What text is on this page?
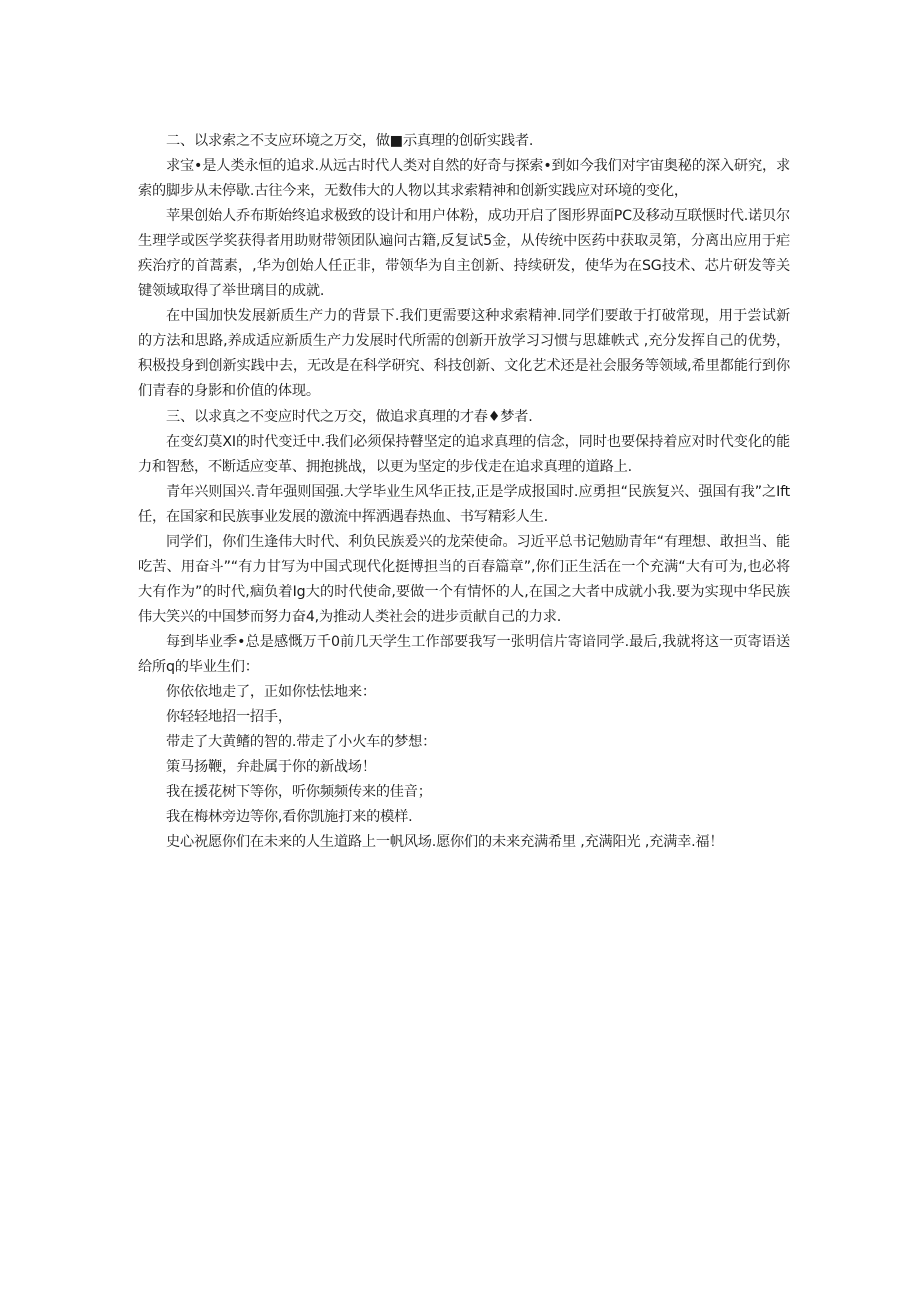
二、以求索之不支应环境之万交，做■示真理的创斫实践者.

求宝•是人类永恒的追求.从远古时代人类对自然的好奇与探索•到如今我们对宇宙奥秘的深入研究，求索的脚步从未停歇.古往今来，无数伟大的人物以其求索精神和创新实践应对环境的变化，

苹果创始人乔布斯始终追求极致的设计和用户体粉，成功开启了图形界面PC及移动互联惬时代.诺贝尔生理学或医学奖获得者用助财带领团队遍问古籍,反复试5金，从传统中医药中获取灵第，分离出应用于疟疾治疗的首蒿素，,华为创始人任正非，带领华为自主创新、持续研发，使华为在SG技术、芯片研发等关键领域取得了举世璃目的成就.

在中国加快发展新质生产力的背景下.我们更需要这种求索精神.同学们要敢于打破常现，用于尝试新的方法和思路,养成适应新质生产力发展时代所需的创新开放学习习惯与思雄帙式 ,充分发挥自己的优势，积极投身到创新实践中去，无改是在科学研究、科技创新、文化艺术还是社会服务等领域,希里都能行到你们青春的身影和价值的体现。

三、以求真之不变应时代之万交，做追求真理的才春♦梦者.

在变幻莫XI的时代变迁中.我们必须保持瞽坚定的追求真理的信念，同时也要保持着应对时代变化的能力和智愁，不断适应变革、拥抱挑战，以更为坚定的步伐走在追求真理的道路上.

青年兴则国兴.青年强则国强.大学毕业生风华正技,正是学成报国时.应勇担“民族复兴、强国有我”之Ift任，在国家和民族事业发展的激流中挥洒遇春热血、书写精彩人生.

同学们，你们生逢伟大时代、利负民族爰兴的龙荣使命。习近平总书记勉励青年“有理想、敢担当、能吃苦、用奋斗”“有力甘写为中国式现代化挺博担当的百春篇章”,你们正生活在一个充满“大有可为,也必将大有作为”的时代,痼负着Ig大的时代使命,要做一个有情怀的人,在国之大者中成就小我.要为实现中华民族伟大笑兴的中国梦而努力奋4,为推动人类社会的进步贡献自己的力求.

每到毕业季•总是感慨万千0前几天学生工作部要我写一张明信片寄谙同学.最后,我就将这一页寄语送给所q的毕业生们：

你依依地走了，正如你怯怯地来：

你轻轻地招一招手，

带走了大黄鳍的智的.带走了小火车的梦想：

策马扬鞭，弁赴属于你的新战场！

我在援花树下等你，听你频频传来的佳音；

我在梅林旁边等你,看你凯施打来的模样.

史心祝愿你们在未来的人生道路上一帆风场.愿你们的未来充满希里 ,充满阳光 ,充满幸.福！
